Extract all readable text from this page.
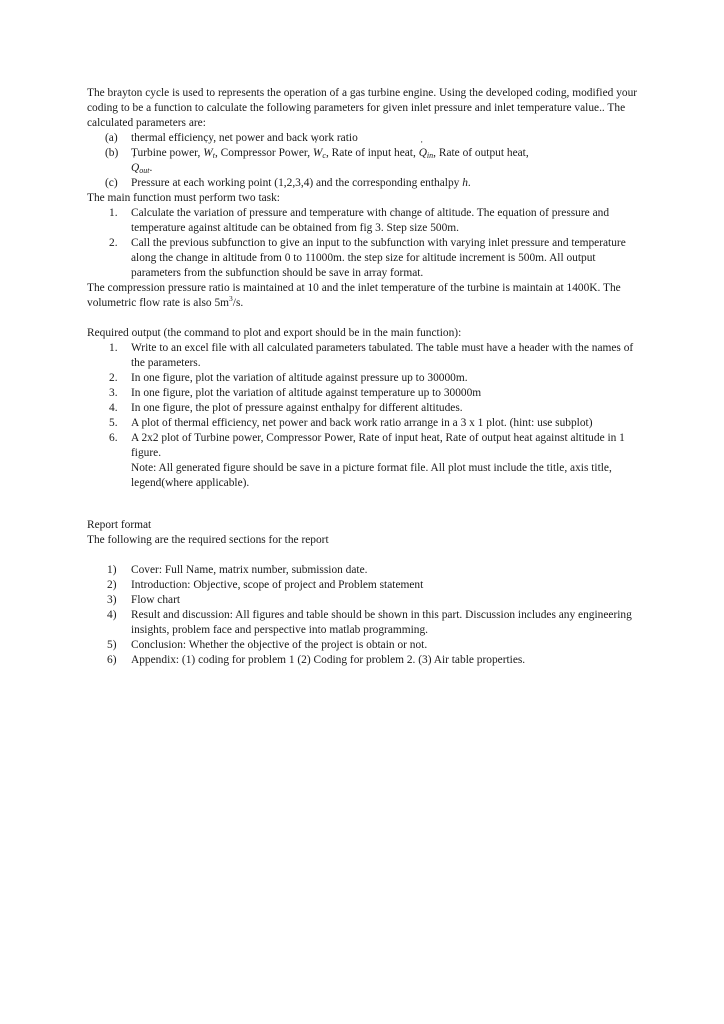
The brayton cycle is used to represents the operation of a gas turbine engine. Using the developed coding, modified your coding to be a function to calculate the following parameters for given inlet pressure and inlet temperature value.. The calculated parameters are:

(a) thermal efficiency, net power and back work ratio
(b) Turbine power, ˙ $W_t$, Compressor Power, ˙ $W_c$, Rate of input heat, ˙ $Q_{in}$, Rate of output heat,
˙ $Q_{out}$.
(c) Pressure at each working point (1,2,3,4) and the corresponding enthalpy h.

The main function must perform two task:

1. Calculate the variation of pressure and temperature with change of altitude. The equation of pressure and temperature against altitude can be obtained from fig 3. Step size 500m.
2. Call the previous subfunction to give an input to the subfunction with varying inlet pressure and temperature along the change in altitude from 0 to 11000m. the step size for altitude increment is 500m. All output parameters from the subfunction should be save in array format.

The compression pressure ratio is maintained at 10 and the inlet temperature of the turbine is maintain at 1400K. The volumetric flow rate is also $5m^3/s$.

Required output (the command to plot and export should be in the main function):

1. Write to an excel file with all calculated parameters tabulated. The table must have a header with the names of the parameters.
2. In one figure, plot the variation of altitude against pressure up to 30000m.
3. In one figure, plot the variation of altitude against temperature up to 30000m
4. In one figure, the plot of pressure against enthalpy for different altitudes.
5. A plot of thermal efficiency, net power and back work ratio arrange in a 3 x 1 plot. (hint: use subplot)
6. A 2x2 plot of Turbine power, Compressor Power, Rate of input heat, Rate of output heat against altitude in 1 figure.
Note: All generated figure should be save in a picture format file. All plot must include the title, axis title, legend(where applicable).

Report format

The following are the required sections for the report

1) Cover: Full Name, matrix number, submission date.
2) Introduction: Objective, scope of project and Problem statement
3) Flow chart
4) Result and discussion: All figures and table should be shown in this part. Discussion includes any engineering insights, problem face and perspective into matlab programming.
5) Conclusion: Whether the objective of the project is obtain or not.
6) Appendix: (1) coding for problem 1 (2) Coding for problem 2. (3) Air table properties.
